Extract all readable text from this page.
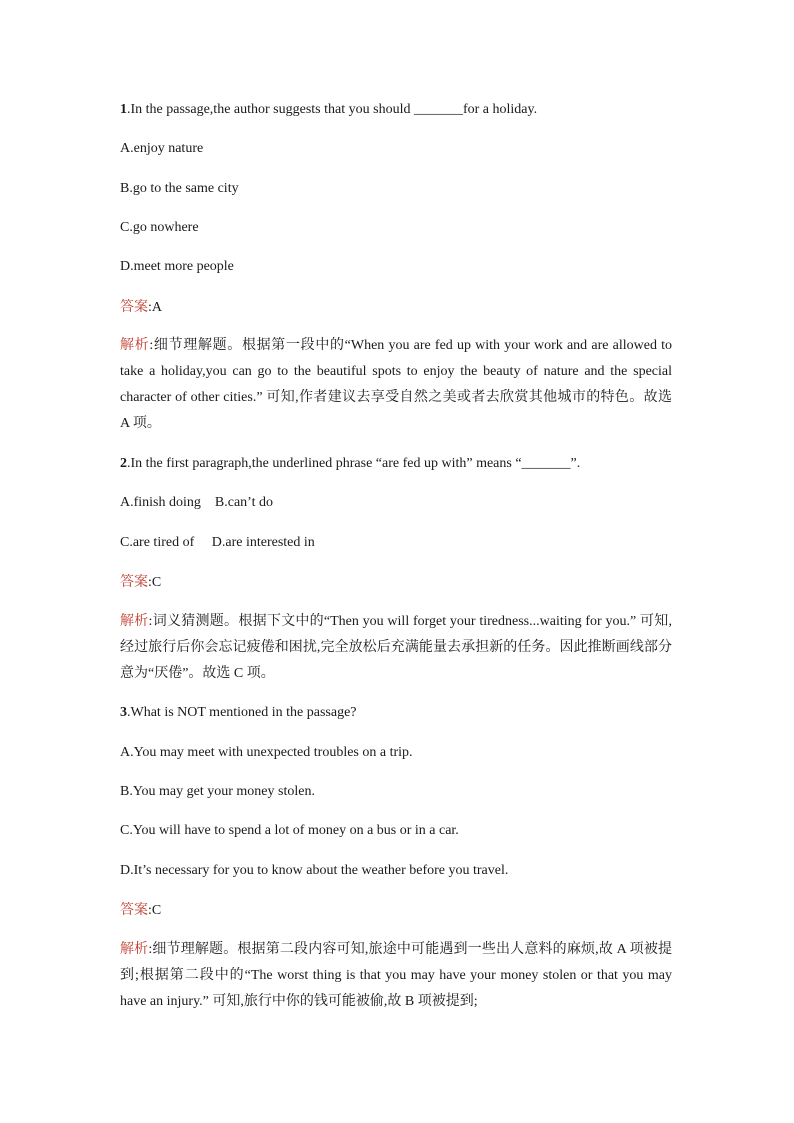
1.In the passage,the author suggests that you should _______for a holiday.
A.enjoy nature
B.go to the same city
C.go nowhere
D.meet more people
答案:A
解析:细节理解题。根据第一段中的“When you are fed up with your work and are allowed to take a holiday,you can go to the beautiful spots to enjoy the beauty of nature and the special character of other cities.” 可知,作者建议去享受自然之美或者去欣赏其他城市的特色。故选 A 项。
2.In the first paragraph,the underlined phrase “are fed up with” means “_______”.
A.finish doing    B.can’t do
C.are tired of     D.are interested in
答案:C
解析:词义猜测题。根据下文中的“Then you will forget your tiredness...waiting for you.” 可知,经过旅行后你会忘记疲倦和困扰,完全放松后充满能量去承担新的任务。因此推断画线部分意为“厌倦”。故选 C 项。
3.What is NOT mentioned in the passage?
A.You may meet with unexpected troubles on a trip.
B.You may get your money stolen.
C.You will have to spend a lot of money on a bus or in a car.
D.It’s necessary for you to know about the weather before you travel.
答案:C
解析:细节理解题。根据第二段内容可知,旅途中可能遇到一些出人意料的麻烦,故 A 项被提到;根据第二段中的“The worst thing is that you may have your money stolen or that you may have an injury.” 可知,旅行中你的钱可能被偷,故 B 项被提到;
